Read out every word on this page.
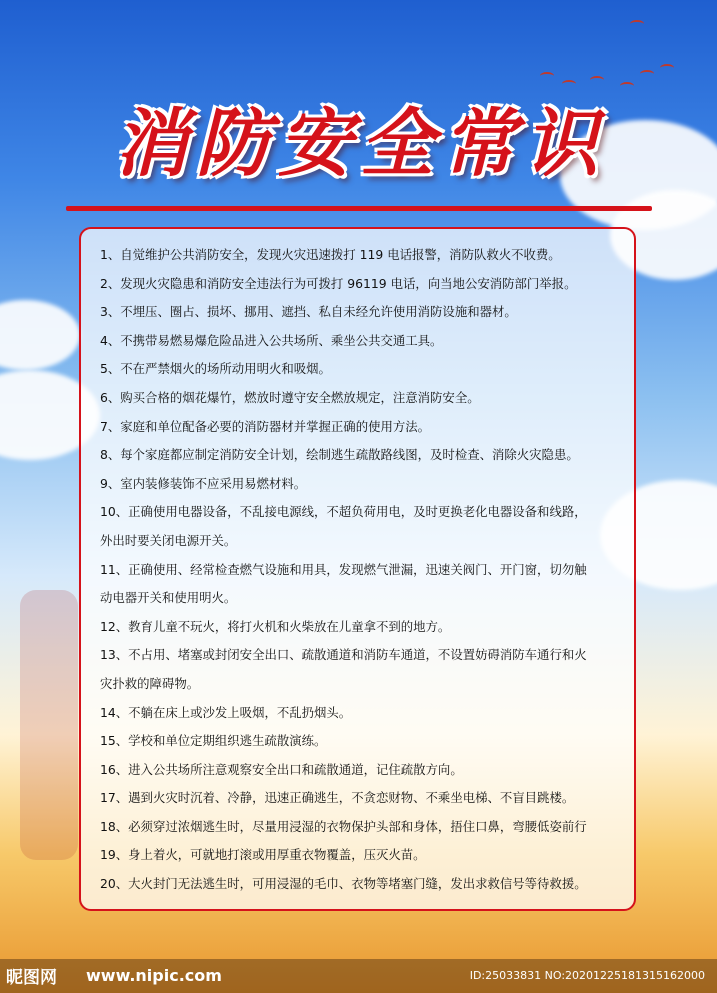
消防安全常识
1、自觉维护公共消防安全，发现火灾迅速拨打 119 电话报警，消防队救火不收费。
2、发现火灾隐患和消防安全违法行为可拨打 96119 电话，向当地公安消防部门举报。
3、不埋压、圈占、损坏、挪用、遮挡、私自未经允许使用消防设施和器材。
4、不携带易燃易爆危险品进入公共场所、乘坐公共交通工具。
5、不在严禁烟火的场所动用明火和吸烟。
6、购买合格的烟花爆竹，燃放时遵守安全燃放规定，注意消防安全。
7、家庭和单位配备必要的消防器材并掌握正确的使用方法。
8、每个家庭都应制定消防安全计划，绘制逃生疏散路线图，及时检查、消除火灾隐患。
9、室内装修装饰不应采用易燃材料。
10、正确使用电器设备，不乱接电源线，不超负荷用电，及时更换老化电器设备和线路，
外出时要关闭电源开关。
11、正确使用、经常检查燃气设施和用具，发现燃气泄漏，迅速关阀门、开门窗，切勿触
动电器开关和使用明火。
12、教育儿童不玩火，将打火机和火柴放在儿童拿不到的地方。
13、不占用、堵塞或封闭安全出口、疏散通道和消防车通道，不设置妨碍消防车通行和火
灾扑救的障碍物。
14、不躺在床上或沙发上吸烟，不乱扔烟头。
15、学校和单位定期组织逃生疏散演练。
16、进入公共场所注意观察安全出口和疏散通道，记住疏散方向。
17、遇到火灾时沉着、冷静，迅速正确逃生，不贪恋财物、不乘坐电梯、不盲目跳楼。
18、必须穿过浓烟逃生时，尽量用浸湿的衣物保护头部和身体，捂住口鼻，弯腰低姿前行
19、身上着火，可就地打滚或用厚重衣物覆盖，压灭火苗。
20、大火封门无法逃生时，可用浸湿的毛巾、衣物等堵塞门缝，发出求救信号等待救援。
昵图网 www.nipic.com	ID:25033831 NO:20201225181315162000
